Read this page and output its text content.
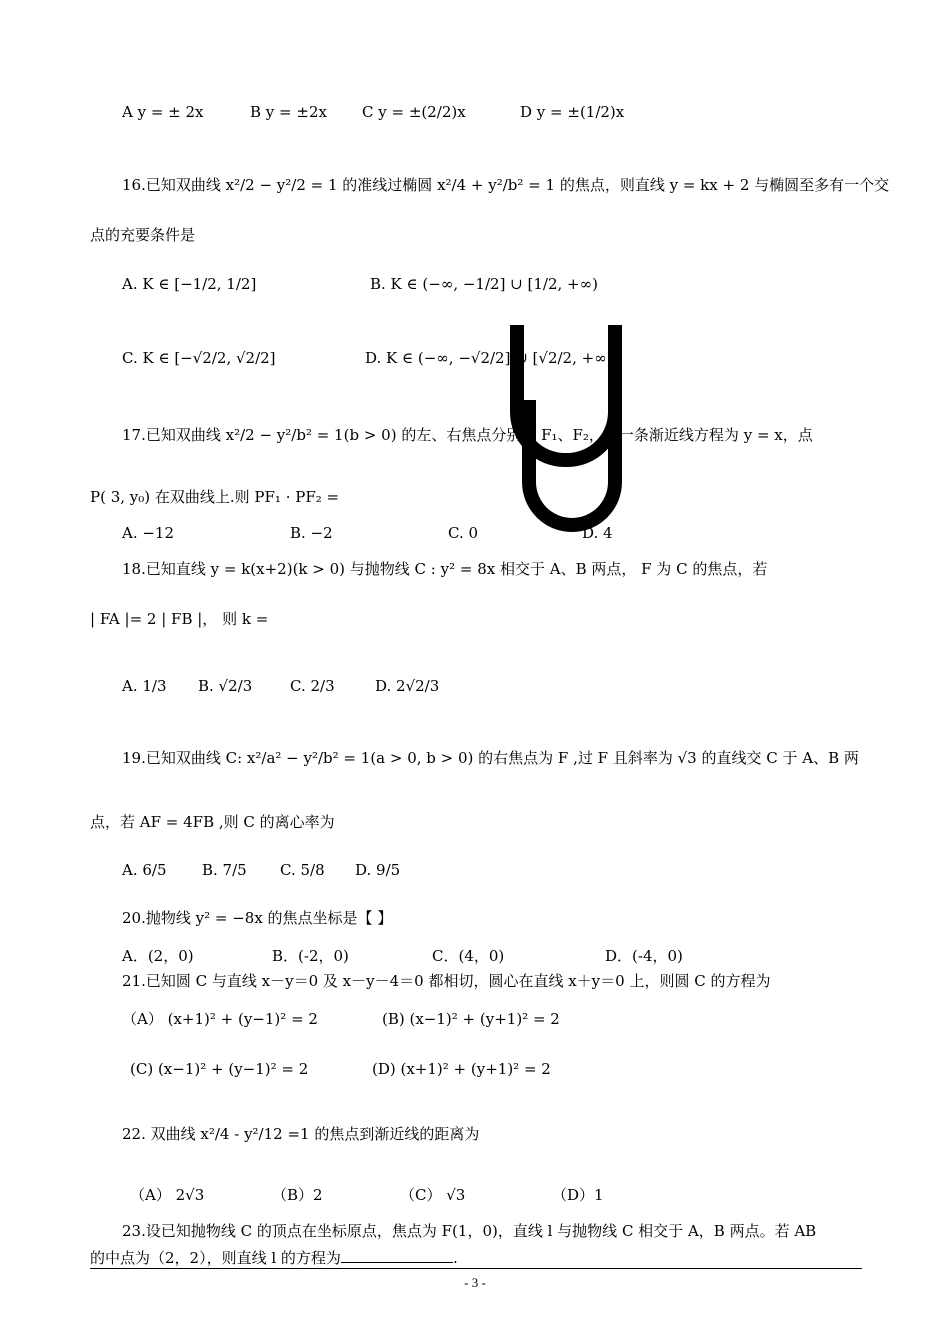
A y = ± 2x	B y = ±2x C y = ±(2/2)x	D y = ±(1/2)x
16.已知双曲线 x²/2 − y²/2 = 1 的准线过椭圆 x²/4 + y²/b² = 1 的焦点，则直线 y = kx + 2 与椭圆至多有一个交
点的充要条件是
A. K ∈ [−1/2, 1/2]	B. K ∈ (−∞, −1/2] ∪ [1/2, +∞)
C. K ∈ [−√2/2, √2/2]	D. K ∈ (−∞, −√2/2] ∪ [√2/2, +∞)
17.已知双曲线 x²/2 − y²/b² = 1(b > 0) 的左、右焦点分别是 F₁、F₂，其一条渐近线方程为 y = x，点
P( 3, y₀) 在双曲线上.则 PF₁ · PF₂ =
A. −12	B. −2	C. 0	D. 4
18.已知直线 y = k(x+2)(k > 0) 与抛物线 C : y² = 8x 相交于 A、B 两点， F 为 C 的焦点，若
| FA |= 2 | FB |， 则 k =
A. 1/3 B. √2/3	C. 2/3	D. 2√2/3
19.已知双曲线 C: x²/a² − y²/b² = 1(a > 0, b > 0) 的右焦点为 F ,过 F 且斜率为 √3 的直线交 C 于 A、B 两
点，若 AF = 4FB ,则 C 的离心率为
A. 6/5 B. 7/5 C. 5/8 D. 9/5
20.抛物线 y² = −8x 的焦点坐标是【 】
A．(2，0)	B．(-2，0)	C．(4，0)	D．(-4，0)
21.已知圆 C 与直线 x－y＝0 及 x－y－4＝0 都相切，圆心在直线 x＋y＝0 上，则圆 C 的方程为
（A） (x+1)² + (y−1)² = 2	(B) (x−1)² + (y+1)² = 2
(C) (x−1)² + (y−1)² = 2	(D) (x+1)² + (y+1)² = 2
22. 双曲线 x²/4 - y²/12 =1 的焦点到渐近线的距离为
（A） 2√3	（B）2	（C） √3	（D）1
23.设已知抛物线 C 的顶点在坐标原点，焦点为 F(1，0)，直线 l 与抛物线 C 相交于 A，B 两点。若 AB
的中点为（2，2），则直线 l 的方程为	.
- 3 -
